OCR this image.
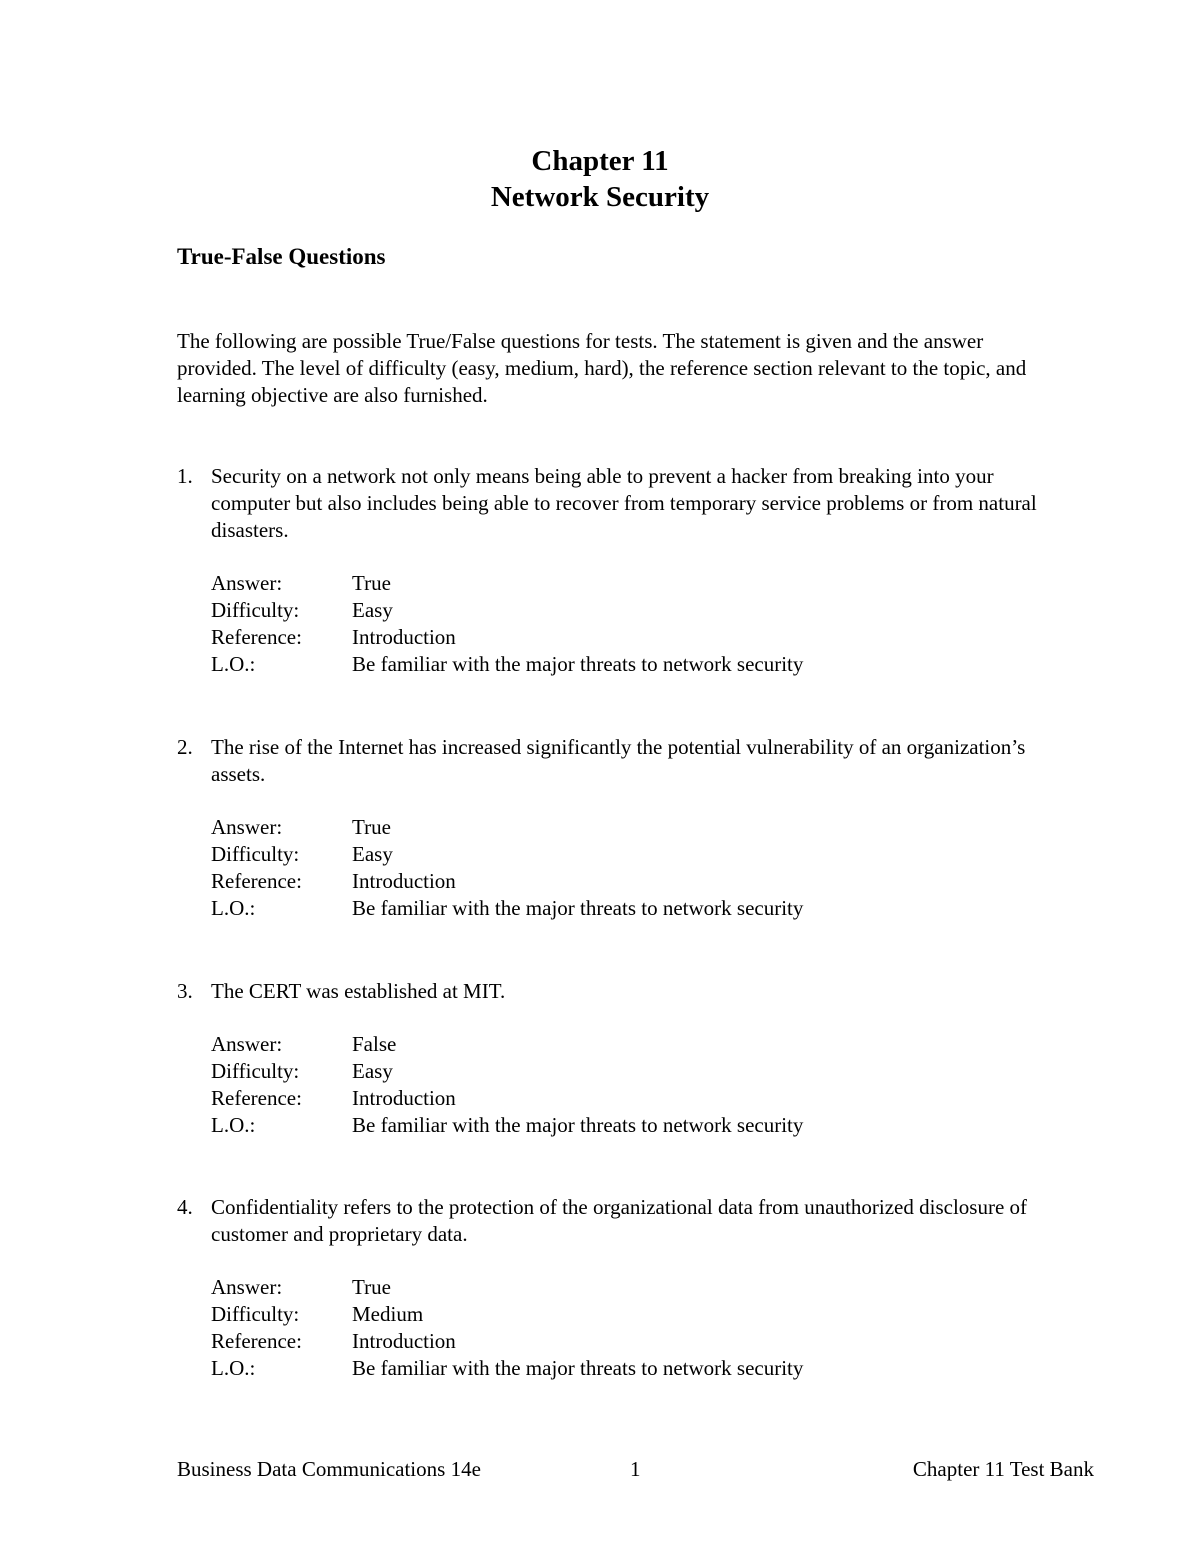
Chapter 11
Network Security
True-False Questions
The following are possible True/False questions for tests. The statement is given and the answer provided. The level of difficulty (easy, medium, hard), the reference section relevant to the topic, and learning objective are also furnished.
1. Security on a network not only means being able to prevent a hacker from breaking into your computer but also includes being able to recover from temporary service problems or from natural disasters.
Answer:	True
Difficulty:	Easy
Reference:	Introduction
L.O.:	Be familiar with the major threats to network security
2. The rise of the Internet has increased significantly the potential vulnerability of an organization’s assets.
Answer:	True
Difficulty:	Easy
Reference:	Introduction
L.O.:	Be familiar with the major threats to network security
3. The CERT was established at MIT.
Answer:	False
Difficulty:	Easy
Reference:	Introduction
L.O.:	Be familiar with the major threats to network security
4. Confidentiality refers to the protection of the organizational data from unauthorized disclosure of customer and proprietary data.
Answer:	True
Difficulty:	Medium
Reference:	Introduction
L.O.:	Be familiar with the major threats to network security
Business Data Communications 14e	1	Chapter 11 Test Bank
